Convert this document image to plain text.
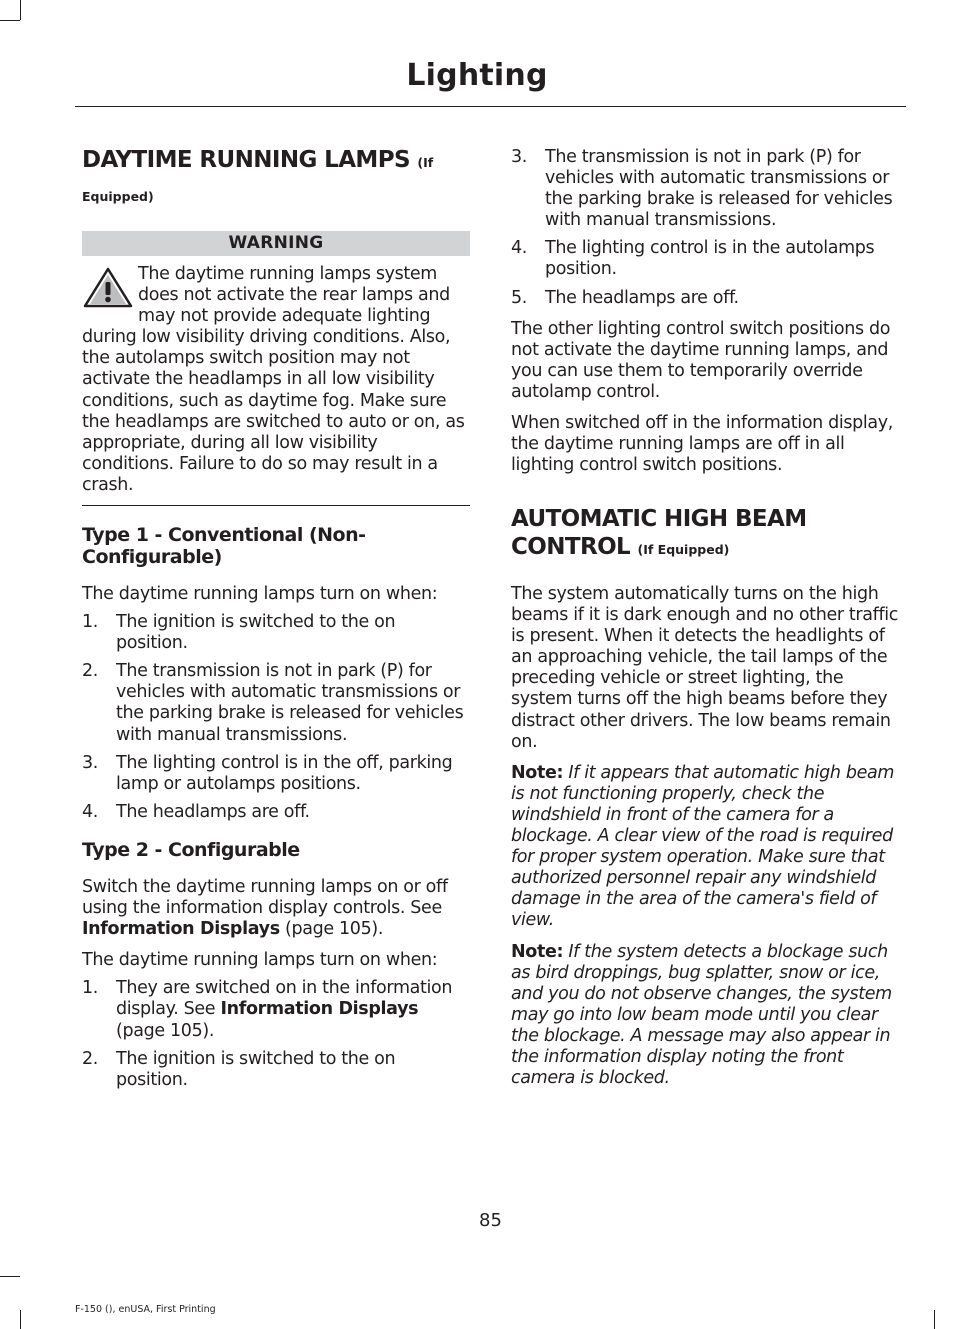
Lighting
DAYTIME RUNNING LAMPS (If
Equipped)
WARNING

The daytime running lamps system does not activate the rear lamps and may not provide adequate lighting during low visibility driving conditions. Also, the autolamps switch position may not activate the headlamps in all low visibility conditions, such as daytime fog. Make sure the headlamps are switched to auto or on, as appropriate, during all low visibility conditions. Failure to do so may result in a crash.

Type 1 - Conventional (Non-Configurable)

The daytime running lamps turn on when:

1. The ignition is switched to the on position.
2. The transmission is not in park (P) for vehicles with automatic transmissions or the parking brake is released for vehicles with manual transmissions.
3. The lighting control is in the off, parking lamp or autolamps positions.
4. The headlamps are off.
Type 2 - Configurable

Switch the daytime running lamps on or off using the information display controls. See Information Displays (page 105).

The daytime running lamps turn on when:

1. They are switched on in the information display. See Information Displays (page 105).
2. The ignition is switched to the on position.
3. The transmission is not in park (P) for vehicles with automatic transmissions or the parking brake is released for vehicles with manual transmissions.
4. The lighting control is in the autolamps position.
5. The headlamps are off.

The other lighting control switch positions do not activate the daytime running lamps, and you can use them to temporarily override autolamp control.

When switched off in the information display, the daytime running lamps are off in all lighting control switch positions.

AUTOMATIC HIGH BEAM
CONTROL (If Equipped)

The system automatically turns on the high beams if it is dark enough and no other traffic is present. When it detects the headlights of an approaching vehicle, the tail lamps of the preceding vehicle or street lighting, the system turns off the high beams before they distract other drivers. The low beams remain on.

Note: If it appears that automatic high beam is not functioning properly, check the windshield in front of the camera for a blockage. A clear view of the road is required for proper system operation. Make sure that authorized personnel repair any windshield damage in the area of the camera's field of view.

Note: If the system detects a blockage such as bird droppings, bug splatter, snow or ice, and you do not observe changes, the system may go into low beam mode until you clear the blockage. A message may also appear in the information display noting the front camera is blocked.

85
F-150 (), enUSA, First Printing
